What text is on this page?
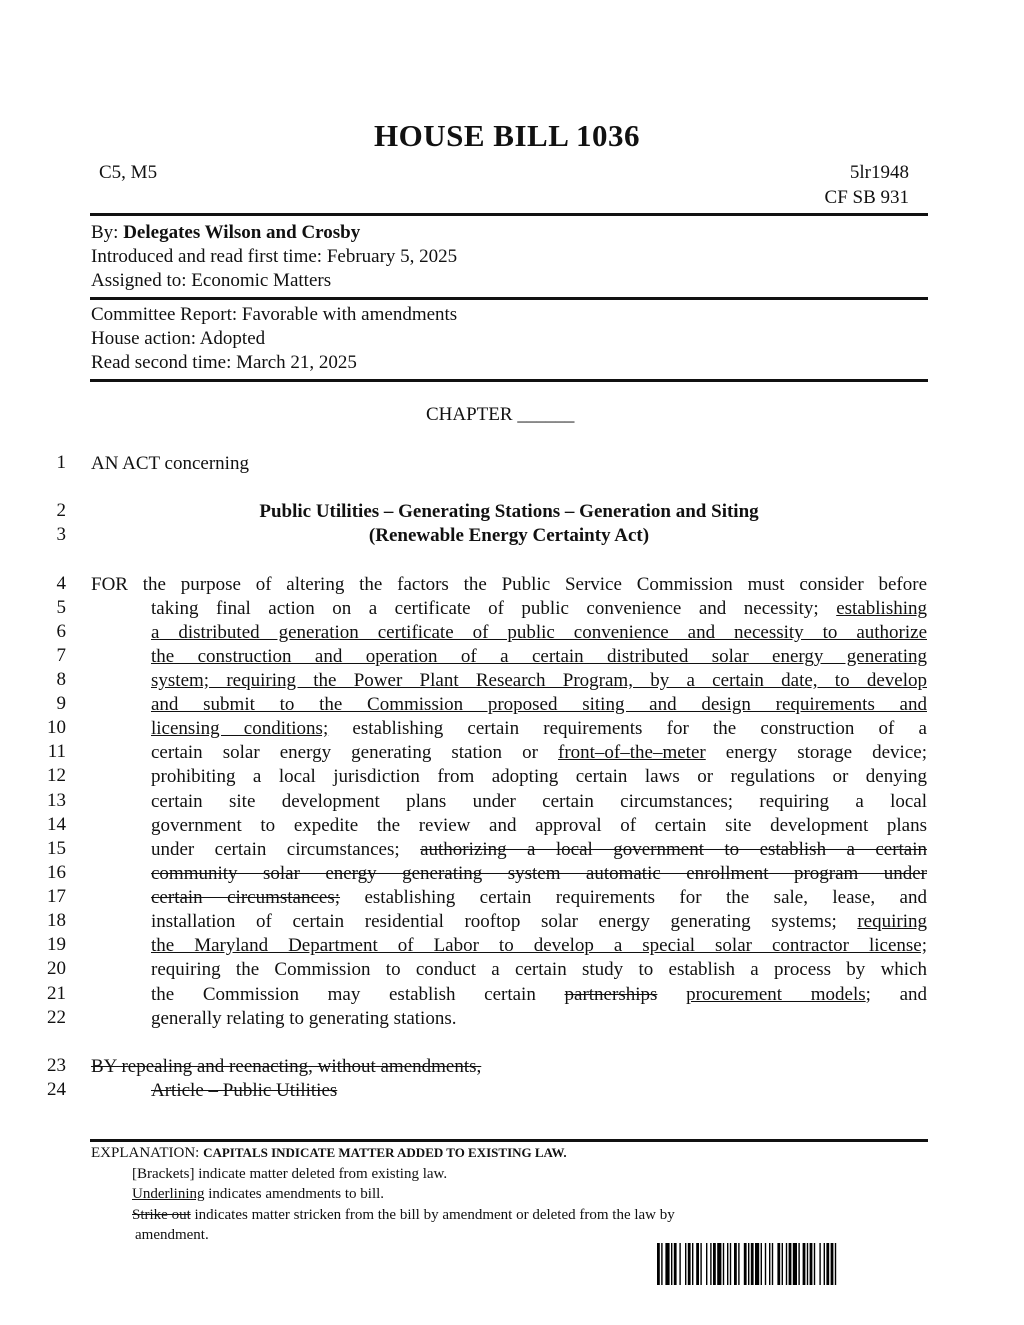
HOUSE BILL 1036
C5, M5	5lr1948
CF SB 931
By: Delegates Wilson and Crosby
Introduced and read first time: February 5, 2025
Assigned to: Economic Matters
Committee Report: Favorable with amendments
House action: Adopted
Read second time: March 21, 2025
CHAPTER ______
1
2
3
4
5
6
7
8
9
10
11
12
13
14
15
16
17
18
19
20
21
22
23
24
AN ACT concerning
Public Utilities – Generating Stations – Generation and Siting
(Renewable Energy Certainty Act)
FOR the purpose of altering the factors the Public Service Commission must consider before
taking final action on a certificate of public convenience and necessity; establishing
a distributed generation certificate of public convenience and necessity to authorize
the construction and operation of a certain distributed solar energy generating
system; requiring the Power Plant Research Program, by a certain date, to develop
and submit to the Commission proposed siting and design requirements and
licensing conditions; establishing certain requirements for the construction of a
certain solar energy generating station or front–of–the–meter energy storage device;
prohibiting a local jurisdiction from adopting certain laws or regulations or denying
certain site development plans under certain circumstances; requiring a local
government to expedite the review and approval of certain site development plans
under certain circumstances; authorizing a local government to establish a certain
community solar energy generating system automatic enrollment program under
certain circumstances; establishing certain requirements for the sale, lease, and
installation of certain residential rooftop solar energy generating systems; requiring
the Maryland Department of Labor to develop a special solar contractor license;
requiring the Commission to conduct a certain study to establish a process by which
the Commission may establish certain partnerships procurement models; and
generally relating to generating stations.
BY repealing and reenacting, without amendments,
Article – Public Utilities
EXPLANATION: CAPITALS INDICATE MATTER ADDED TO EXISTING LAW.
[Brackets] indicate matter deleted from existing law.
Underlining indicates amendments to bill.
Strike out indicates matter stricken from the bill by amendment or deleted from the law by
amendment.
